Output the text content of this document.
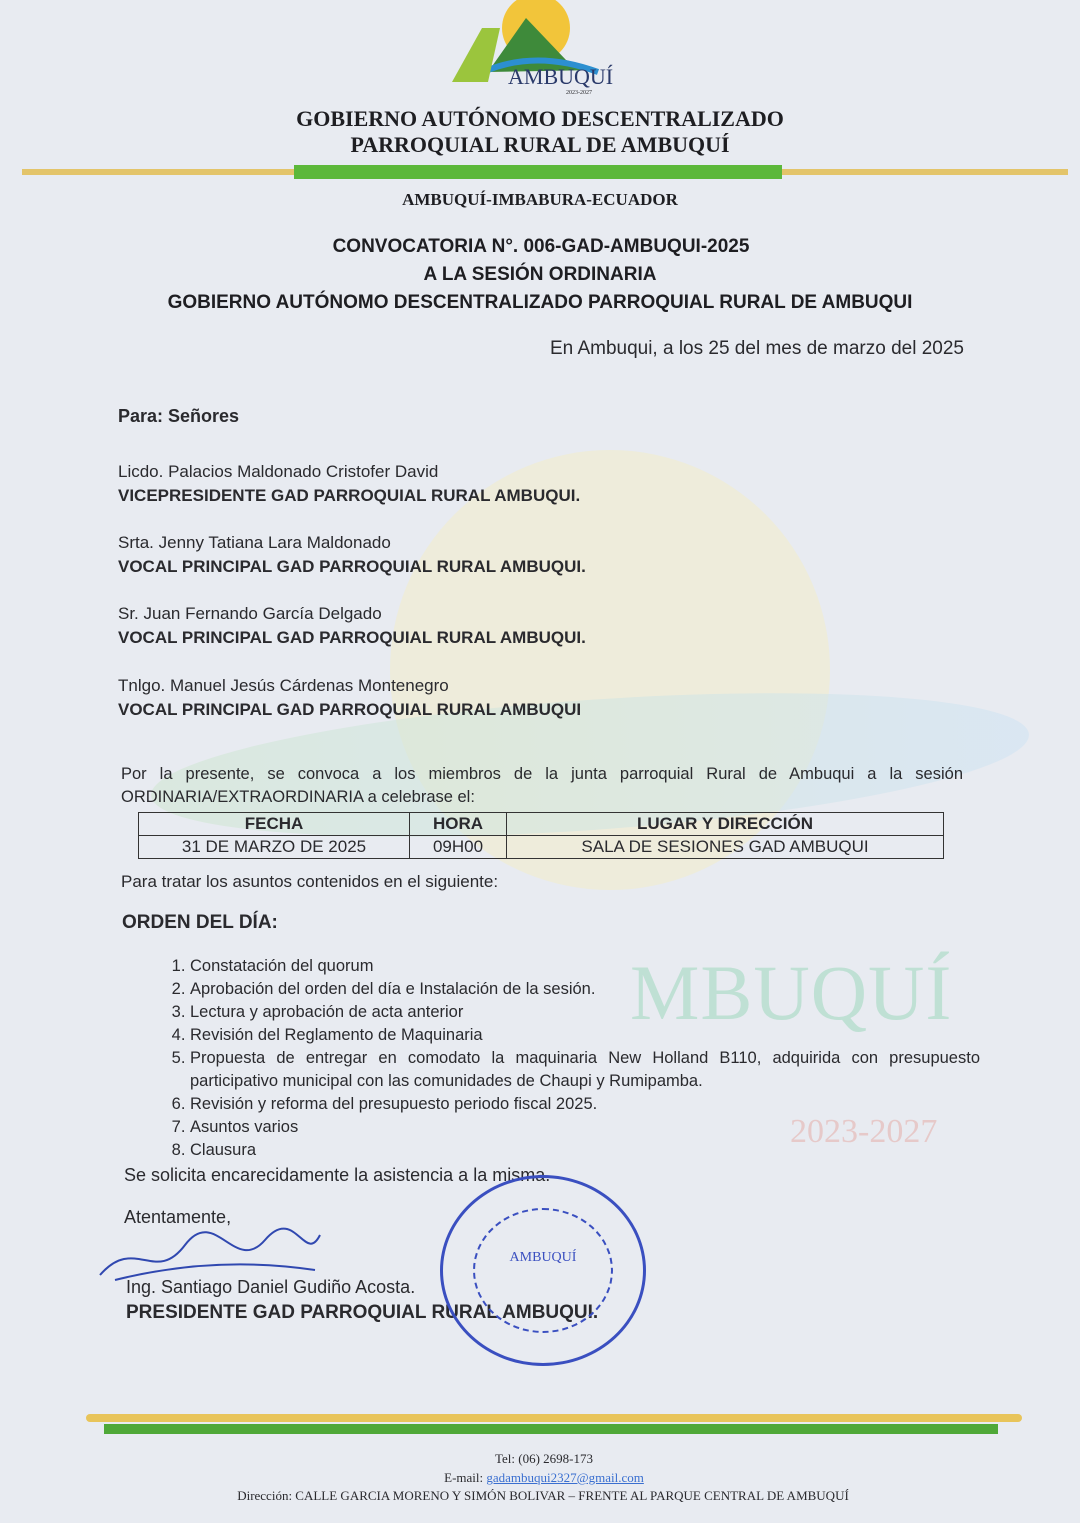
MBUQUÍ
2023-2027
AMBUQUÍ
2023-2027
GOBIERNO AUTÓNOMO DESCENTRALIZADO
PARROQUIAL RURAL DE AMBUQUÍ
AMBUQUÍ-IMBABURA-ECUADOR
CONVOCATORIA N°. 006-GAD-AMBUQUI-2025
A LA SESIÓN ORDINARIA
GOBIERNO AUTÓNOMO DESCENTRALIZADO PARROQUIAL RURAL DE AMBUQUI
En Ambuqui, a los 25 del mes de marzo del 2025
Para: Señores
Licdo. Palacios Maldonado Cristofer David
VICEPRESIDENTE GAD PARROQUIAL RURAL AMBUQUI.
Srta. Jenny Tatiana Lara Maldonado
VOCAL PRINCIPAL GAD PARROQUIAL RURAL AMBUQUI.
Sr. Juan Fernando García Delgado
VOCAL PRINCIPAL GAD PARROQUIAL RURAL AMBUQUI.
Tnlgo. Manuel Jesús Cárdenas Montenegro
VOCAL PRINCIPAL GAD PARROQUIAL RURAL AMBUQUI
Por la presente, se convoca a los miembros de la junta parroquial Rural de Ambuqui a la sesión
ORDINARIA/EXTRAORDINARIA a celebrase el:
FECHA	HORA	LUGAR Y DIRECCIÓN
31 DE MARZO DE 2025	09H00	SALA DE SESIONES GAD AMBUQUI
Para tratar los asuntos contenidos en el siguiente:
ORDEN DEL DÍA:
1. Constatación del quorum
2. Aprobación del orden del día e Instalación de la sesión.
3. Lectura y aprobación de acta anterior
4. Revisión del Reglamento de Maquinaria
5. Propuesta de entregar en comodato la maquinaria New Holland B110, adquirida con presupuesto participativo municipal con las comunidades de Chaupi y Rumipamba.
6. Revisión y reforma del presupuesto periodo fiscal 2025.
7. Asuntos varios
8. Clausura
Se solicita encarecidamente la asistencia a la misma.
Atentamente,
Ing. Santiago Daniel Gudiño Acosta.
PRESIDENTE GAD PARROQUIAL RURAL AMBUQUI.
AMBUQUÍ
Tel: (06) 2698-173
E-mail: gadambuqui2327@gmail.com
Dirección: CALLE GARCIA MORENO Y SIMÓN BOLIVAR – FRENTE AL PARQUE CENTRAL DE AMBUQUÍ
